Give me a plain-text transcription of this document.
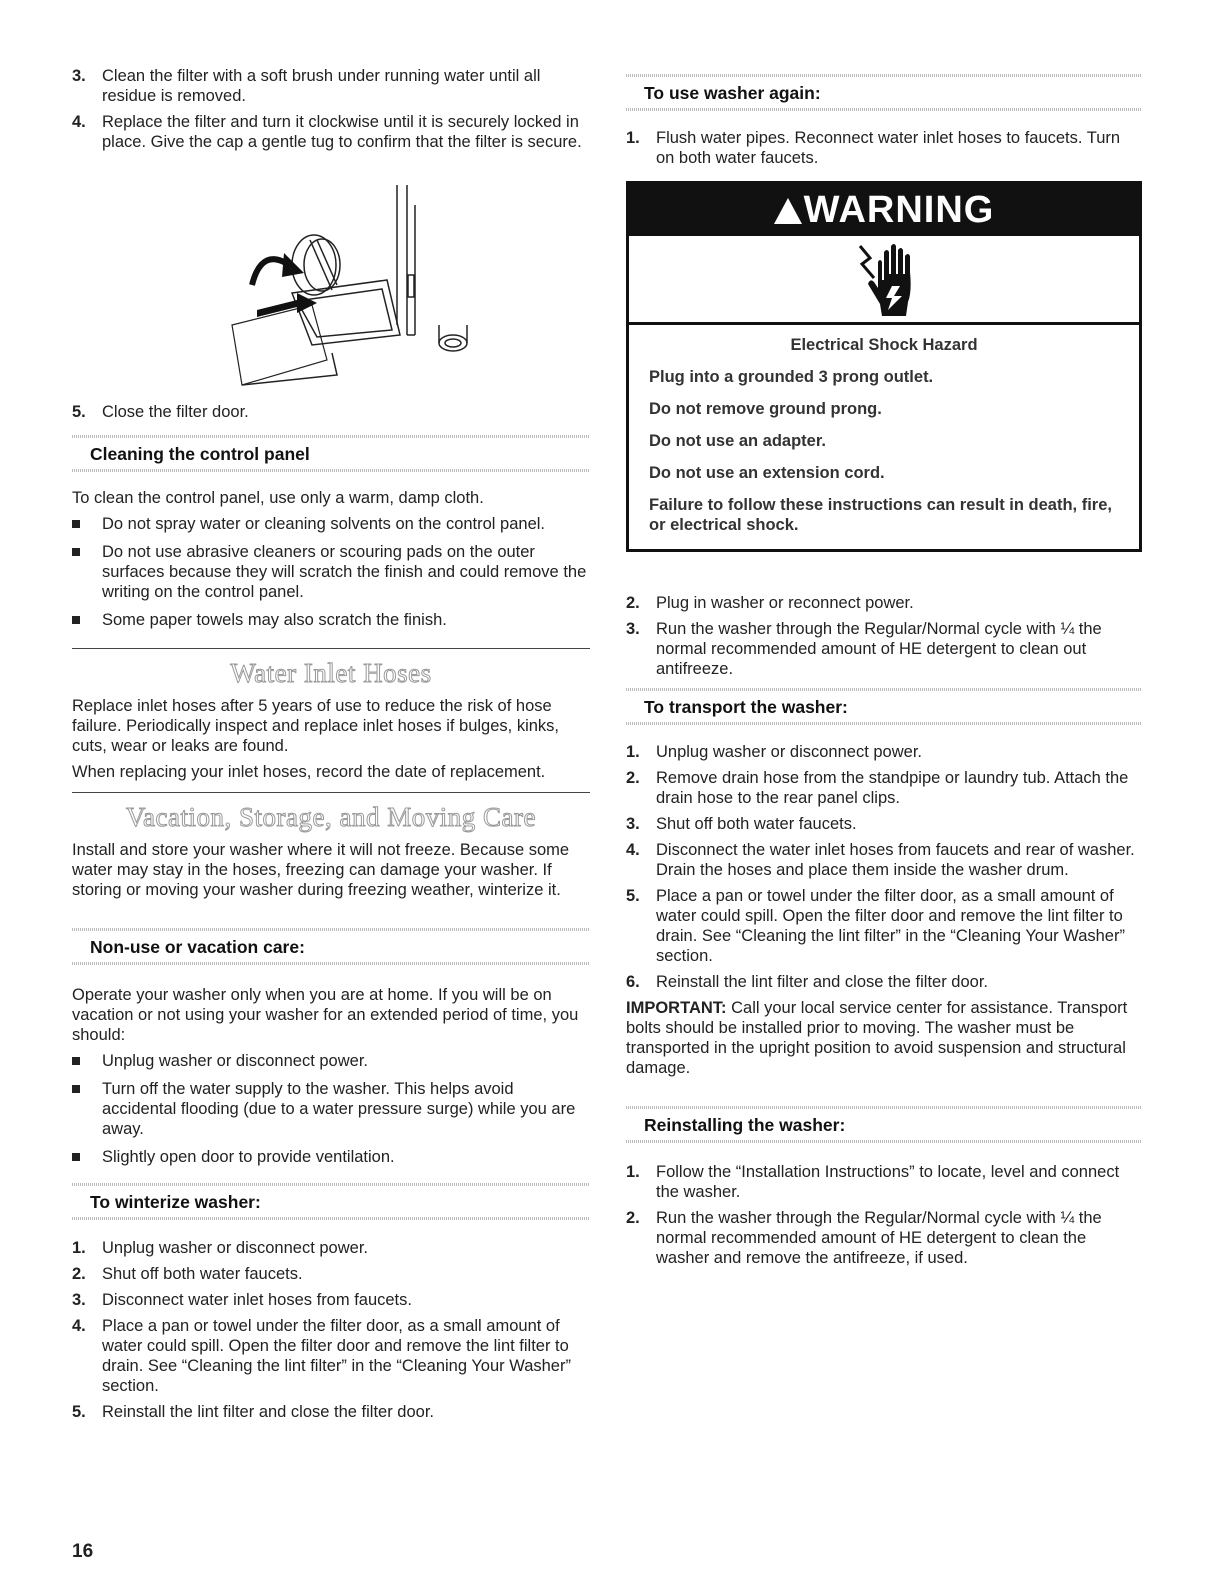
3. Clean the filter with a soft brush under running water until all residue is removed.
4. Replace the filter and turn it clockwise until it is securely locked in place. Give the cap a gentle tug to confirm that the filter is secure.
5. Close the filter door.
Cleaning the control panel

To clean the control panel, use only a warm, damp cloth.

Do not spray water or cleaning solvents on the control panel.
Do not use abrasive cleaners or scouring pads on the outer surfaces because they will scratch the finish and could remove the writing on the control panel.
Some paper towels may also scratch the finish.
Water Inlet Hoses

Replace inlet hoses after 5 years of use to reduce the risk of hose failure. Periodically inspect and replace inlet hoses if bulges, kinks, cuts, wear or leaks are found.

When replacing your inlet hoses, record the date of replacement.

Vacation, Storage, and Moving Care

Install and store your washer where it will not freeze. Because some water may stay in the hoses, freezing can damage your washer. If storing or moving your washer during freezing weather, winterize it.

Non-use or vacation care:

Operate your washer only when you are at home. If you will be on vacation or not using your washer for an extended period of time, you should:

Unplug washer or disconnect power.
Turn off the water supply to the washer. This helps avoid accidental flooding (due to a water pressure surge) while you are away.
Slightly open door to provide ventilation.
To winterize washer:
1. Unplug washer or disconnect power.
2. Shut off both water faucets.
3. Disconnect water inlet hoses from faucets.
4. Place a pan or towel under the filter door, as a small amount of water could spill. Open the filter door and remove the lint filter to drain. See “Cleaning the lint filter” in the “Cleaning Your Washer” section.
5. Reinstall the lint filter and close the filter door.
To use washer again:
1. Flush water pipes. Reconnect water inlet hoses to faucets. Turn on both water faucets.
WARNING
Electrical Shock Hazard
Plug into a grounded 3 prong outlet.
Do not remove ground prong.
Do not use an adapter.
Do not use an extension cord.
Failure to follow these instructions can result in death, fire, or electrical shock.
2. Plug in washer or reconnect power.
3. Run the washer through the Regular/Normal cycle with ¼ the normal recommended amount of HE detergent to clean out antifreeze.
To transport the washer:
1. Unplug washer or disconnect power.
2. Remove drain hose from the standpipe or laundry tub. Attach the drain hose to the rear panel clips.
3. Shut off both water faucets.
4. Disconnect the water inlet hoses from faucets and rear of washer. Drain the hoses and place them inside the washer drum.
5. Place a pan or towel under the filter door, as a small amount of water could spill. Open the filter door and remove the lint filter to drain. See “Cleaning the lint filter” in the “Cleaning Your Washer” section.
6. Reinstall the lint filter and close the filter door.

IMPORTANT: Call your local service center for assistance. Transport bolts should be installed prior to moving. The washer must be transported in the upright position to avoid suspension and structural damage.

Reinstalling the washer:
1. Follow the “Installation Instructions” to locate, level and connect the washer.
2. Run the washer through the Regular/Normal cycle with ¼ the normal recommended amount of HE detergent to clean the washer and remove the antifreeze, if used.
16
